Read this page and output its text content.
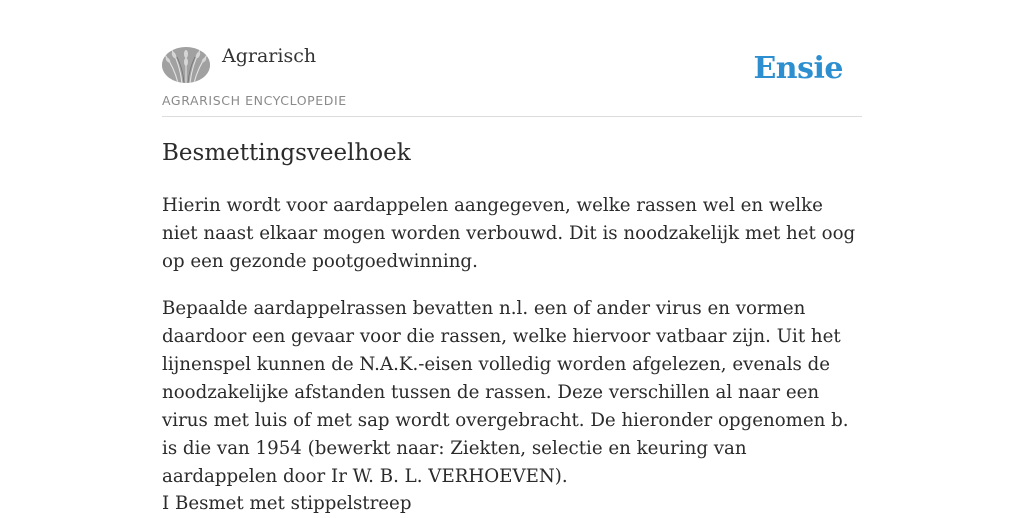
Agrarisch
AGRARISCH ENCYCLOPEDIE
Ensie
Besmettingsveelhoek

Hierin wordt voor aardappelen aangegeven, welke rassen wel en welke niet naast elkaar mogen worden verbouwd. Dit is noodzakelijk met het oog op een gezonde pootgoedwinning.

Bepaalde aardappelrassen bevatten n.l. een of ander virus en vormen daardoor een gevaar voor die rassen, welke hiervoor vatbaar zijn. Uit het lijnenspel kunnen de N.A.K.-eisen volledig worden afgelezen, evenals de noodzakelijke afstanden tussen de rassen. Deze verschillen al naar een virus met luis of met sap wordt overgebracht. De hieronder opgenomen b. is die van 1954 (bewerkt naar: Ziekten, selectie en keuring van aardappelen door Ir W. B. L. VERHOEVEN).

I Besmet met stippelstreep
